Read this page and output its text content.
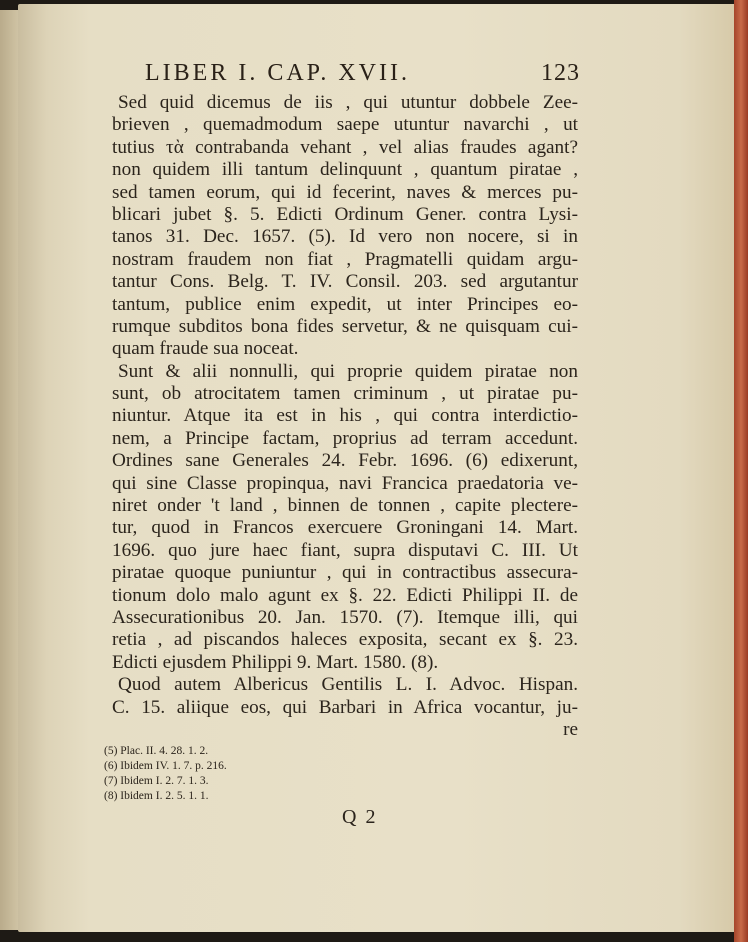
LIBER I. CAP. XVII.	123
Sed quid dicemus de iis , qui utuntur dobbele Zee-
brieven , quemadmodum saepe utuntur navarchi , ut
tutius τὰ contrabanda vehant , vel alias fraudes agant?
non quidem illi tantum delinquunt , quantum piratae ,
sed tamen eorum, qui id fecerint, naves & merces pu-
blicari jubet §. 5. Edicti Ordinum Gener. contra Lysi-
tanos 31. Dec. 1657. (5). Id vero non nocere, si in
nostram fraudem non fiat , Pragmatelli quidam argu-
tantur Cons. Belg. T. IV. Consil. 203. sed argutantur
tantum, publice enim expedit, ut inter Principes eo-
rumque subditos bona fides servetur, & ne quisquam cui-
quam fraude sua noceat.
Sunt & alii nonnulli, qui proprie quidem piratae non
sunt, ob atrocitatem tamen criminum , ut piratae pu-
niuntur. Atque ita est in his , qui contra interdictio-
nem, a Principe factam, proprius ad terram accedunt.
Ordines sane Generales 24. Febr. 1696. (6) edixerunt,
qui sine Classe propinqua, navi Francica praedatoria ve-
niret onder 't land , binnen de tonnen , capite plectere-
tur, quod in Francos exercuere Groningani 14. Mart.
1696. quo jure haec fiant, supra disputavi C. III. Ut
piratae quoque puniuntur , qui in contractibus assecura-
tionum dolo malo agunt ex §. 22. Edicti Philippi II. de
Assecurationibus 20. Jan. 1570. (7). Itemque illi, qui
retia , ad piscandos haleces exposita, secant ex §. 23.
Edicti ejusdem Philippi 9. Mart. 1580. (8).
Quod autem Albericus Gentilis L. I. Advoc. Hispan.
C. 15. aliique eos, qui Barbari in Africa vocantur, ju-
re
(5) Plac. II. 4. 28. 1. 2.
(6) Ibidem IV. 1. 7. p. 216.
(7) Ibidem I. 2. 7. 1. 3.
(8) Ibidem I. 2. 5. 1. 1.
Q 2
